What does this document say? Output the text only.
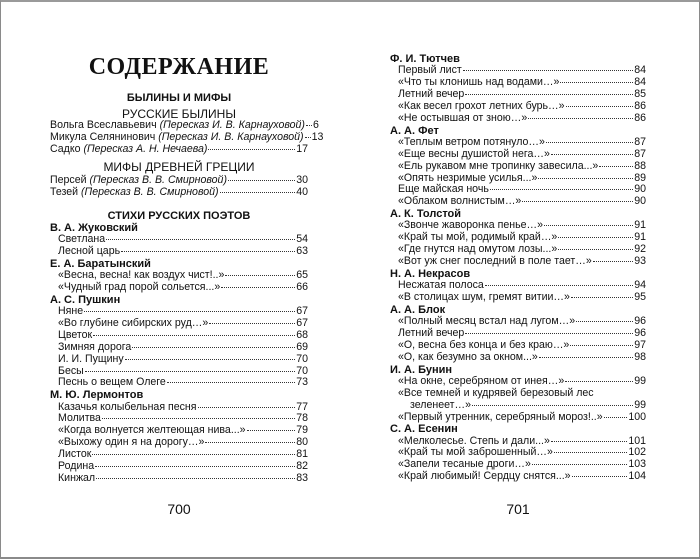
СОДЕРЖАНИЕ
БЫЛИНЫ И МИФЫ
РУССКИЕ БЫЛИНЫ
Вольга Всеславьевич (Пересказ И. В. Карнауховой) 6
Микула Селянинович (Пересказ И. В. Карнауховой) 13
Садко (Пересказ А. Н. Нечаева)	17
МИФЫ ДРЕВНЕЙ ГРЕЦИИ
Персей (Пересказ В. В. Смирновой)	30
Тезей (Пересказ В. В. Смирновой)	40
СТИХИ РУССКИХ ПОЭТОВ
В. А. Жуковский
Светлана	54
Лесной царь	63
Е. А. Баратынский
«Весна, весна! как воздух чист!..»	65
«Чудный град порой сольется...»	66
А. С. Пушкин
Няне	67
«Во глубине сибирских руд…»	67
Цветок	68
Зимняя дорога	69
И. И. Пущину	70
Бесы	70
Песнь о вещем Олеге	73
М. Ю. Лермонтов
Казачья колыбельная песня	77
Молитва	78
«Когда волнуется желтеющая нива...»	79
«Выхожу один я на дорогу…»	80
Листок	81
Родина	82
Кинжал	83
700
Ф. И. Тютчев
Первый лист	84
«Что ты клонишь над водами…»	84
Летний вечер	85
«Как весел грохот летних бурь…»	86
«Не остывшая от зною…»	86
А. А. Фет
«Теплым ветром потянуло…»	87
«Еще весны душистой нега…»	87
«Ель рукавом мне тропинку завесила...»	88
«Опять незримые усилья...»	89
Еще майская ночь	90
«Облаком волнистым…»	90
А. К. Толстой
«Звонче жаворонка пенье…»	91
«Край ты мой, родимый край…»	91
«Где гнутся над омутом лозы...»	92
«Вот уж снег последний в поле тает…»	93
Н. А. Некрасов
Несжатая полоса	94
«В столицах шум, гремят витии…»	95
А. А. Блок
«Полный месяц встал над лугом…»	96
Летний вечер	96
«О, весна без конца и без краю…»	97
«О, как безумно за окном...»	98
И. А. Бунин
«На окне, серебряном от инея…»	99
«Все темней и кудрявей березовый лес
зеленеет…»	99
«Первый утренник, серебряный мороз!..» 100
С. А. Есенин
«Мелколесье. Степь и дали...»	101
«Край ты мой заброшенный…»	102
«Запели тесаные дроги…»	103
«Край любимый! Сердцу снятся...»	104
701
